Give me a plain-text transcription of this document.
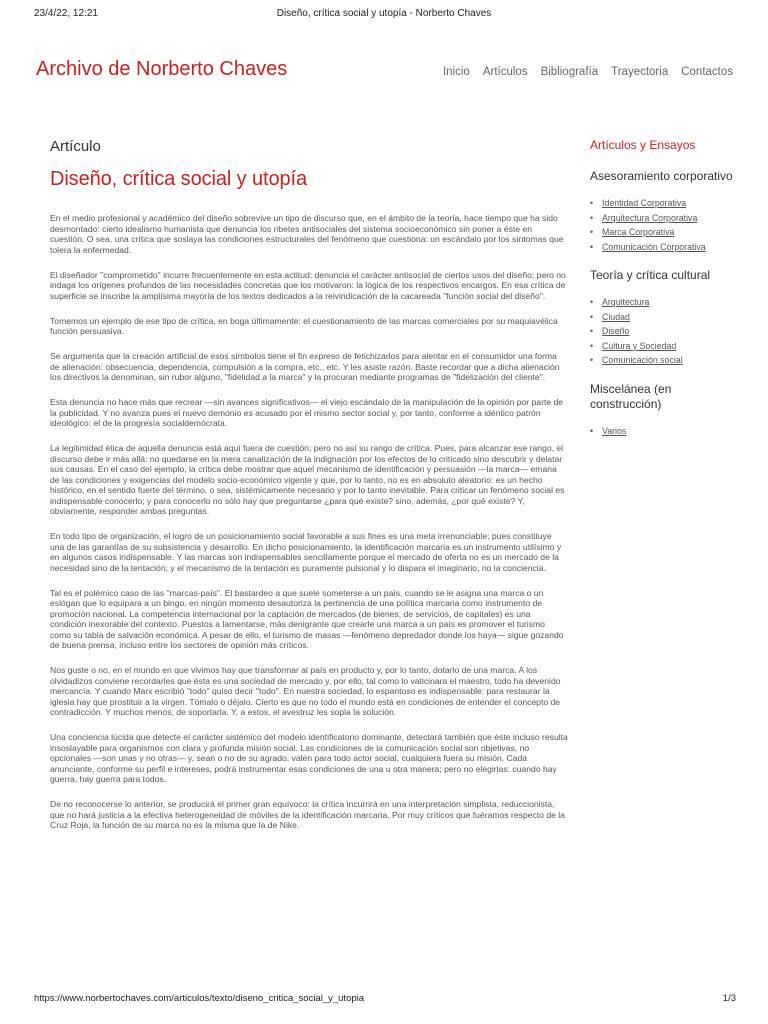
23/4/22, 12:21	Diseño, crítica social y utopía - Norberto Chaves
Archivo de Norberto Chaves	Inicio Artículos Bibliografía Trayectoria Contactos
Artículo
Diseño, crítica social y utopía

En el medio profesional y académico del diseño sobrevive un tipo de discurso que, en el ámbito de la teoría, hace tiempo que ha sido desmontado: cierto idealismo humanista que denuncia los ribetes antisociales del sistema socioeconómico sin poner a éste en cuestión. O sea, una crítica que soslaya las condiciones estructurales del fenómeno que cuestiona: un escándalo por los síntomas que tolera la enfermedad.

El diseñador "comprometido" incurre frecuentemente en esta actitud: denuncia el carácter antisocial de ciertos usos del diseño; pero no indaga los orígenes profundos de las necesidades concretas que los motivaron: la lógica de los respectivos encargos. En esa crítica de superficie se inscribe la amplísima mayoría de los textos dedicados a la reivindicación de la cacareada "función social del diseño".

Tomemos un ejemplo de ese tipo de crítica, en boga últimamente: el cuestionamiento de las marcas comerciales por su maquiavélica función persuasiva.

Se argumenta que la creación artificial de esos símbolos tiene el fin expreso de fetichizarlos para alentar en el consumidor una forma de alienación: obsecuencia, dependencia, compulsión a la compra, etc., etc. Y les asiste razón. Baste recordar que a dicha alienación los directivos la denominan, sin rubor alguno, "fidelidad a la marca" y la procuran mediante programas de "fidelización del cliente".

Esta denuncia no hace más que recrear —sin avances significativos— el viejo escándalo de la manipulación de la opinión por parte de la publicidad. Y no avanza pues el nuevo demonio es acusado por el mismo sector social y, por tanto, conforme a idéntico patrón ideológico: el de la progresía socialdemócrata.

La legitimidad ética de aquella denuncia está aquí fuera de cuestión; pero no así su rango de crítica. Pues, para alcanzar ese rango, el discurso debe ir más allá: no quedarse en la mera canalización de la indignación por los efectos de lo criticado sino descubrir y delatar sus causas. En el caso del ejemplo, la crítica debe mostrar que aquel mecanismo de identificación y persuasión —la marca— emana de las condiciones y exigencias del modelo socio-económico vigente y que, por lo tanto, no es en absoluto aleatorio: es un hecho histórico, en el sentido fuerte del término, o sea, sistémicamente necesario y por lo tanto inevitable. Para criticar un fenómeno social es indispensable conocerlo; y para conocerlo no sólo hay que preguntarse ¿para qué existe? sino, además, ¿por qué existe? Y, obviamente, responder ambas preguntas.

En todo tipo de organización, el logro de un posicionamiento social favorable a sus fines es una meta irrenunciable; pues constituye una de las garantías de su subsistencia y desarrollo. En dicho posicionamiento, la identificación marcaria es un instrumento utilísimo y en algunos casos indispensable. Y las marcas son indispensables sencillamente porque el mercado de oferta no es un mercado de la necesidad sino de la tentación; y el mecanismo de la tentación es puramente pulsional y lo dispara el imaginario, no la conciencia.

Tal es el polémico caso de las "marcas-país". El bastardeo a que suele someterse a un país, cuando se le asigna una marca o un eslógan que lo equipara a un bingo, en ningún momento desautoriza la pertinencia de una política marcaria como instrumento de promoción nacional. La competencia internacional por la captación de mercados (de bienes, de servicios, de capitales) es una condición inexorable del contexto. Puestos a lamentarse, más denigrante que crearle una marca a un país es promover el turismo como su tabla de salvación económica. A pesar de ello, el turismo de masas —fenómeno depredador donde los haya— sigue gozando de buena prensa, incluso entre los sectores de opinión más críticos.

Nos guste o no, en el mundo en que vivimos hay que transformar al país en producto y, por lo tanto, dotarlo de una marca. A los olvidadizos conviene recordarles que ésta es una sociedad de mercado y, por ello, tal como lo vaticinara el maestro, todo ha devenido mercancía. Y cuando Marx escribió "todo" quiso decir "todo". En nuestra sociedad, lo espantoso es indispensable: para restaurar la iglesia hay que prostituir a la virgen. Tómalo o déjalo. Cierto es que no todo el mundo está en condiciones de entender el concepto de contradicción. Y muchos menos, de soportarla. Y, a estos, el avestruz les sopla la solución.

Una conciencia lúcida que detecte el carácter sistémico del modelo identificatorio dominante, detectará también que éste incluso resulta insoslayable para organismos con clara y profunda misión social. Las condiciones de la comunicación social son objetivas, no opcionales —son unas y no otras— y, sean o no de su agrado, valen para todo actor social, cualquiera fuera su misión. Cada anunciante, conforme su perfil e intereses, podrá instrumentar esas condiciones de una u otra manera; pero no elegirlas: cuando hay guerra, hay guerra para todos.

De no reconocerse lo anterior, se producirá el primer gran equívoco: la crítica incurrirá en una interpretación simplista, reduccionista, que no hará justicia a la efectiva heterogeneidad de móviles de la identificación marcaria. Por muy críticos que fuéramos respecto de la Cruz Roja, la función de su marca no es la misma que la de Nike.

Artículos y Ensayos
Asesoramiento corporativo
• Identidad Corporativa
• Arquitectura Corporativa
• Marca Corporativa
• Comunicación Corporativa
Teoría y crítica cultural
• Arquitectura
• Ciudad
• Diseño
• Cultura y Sociedad
• Comunicación social
Miscelánea (en construcción)
• Varios
https://www.norbertochaves.com/articulos/texto/diseno_critica_social_y_utopia	1/3
